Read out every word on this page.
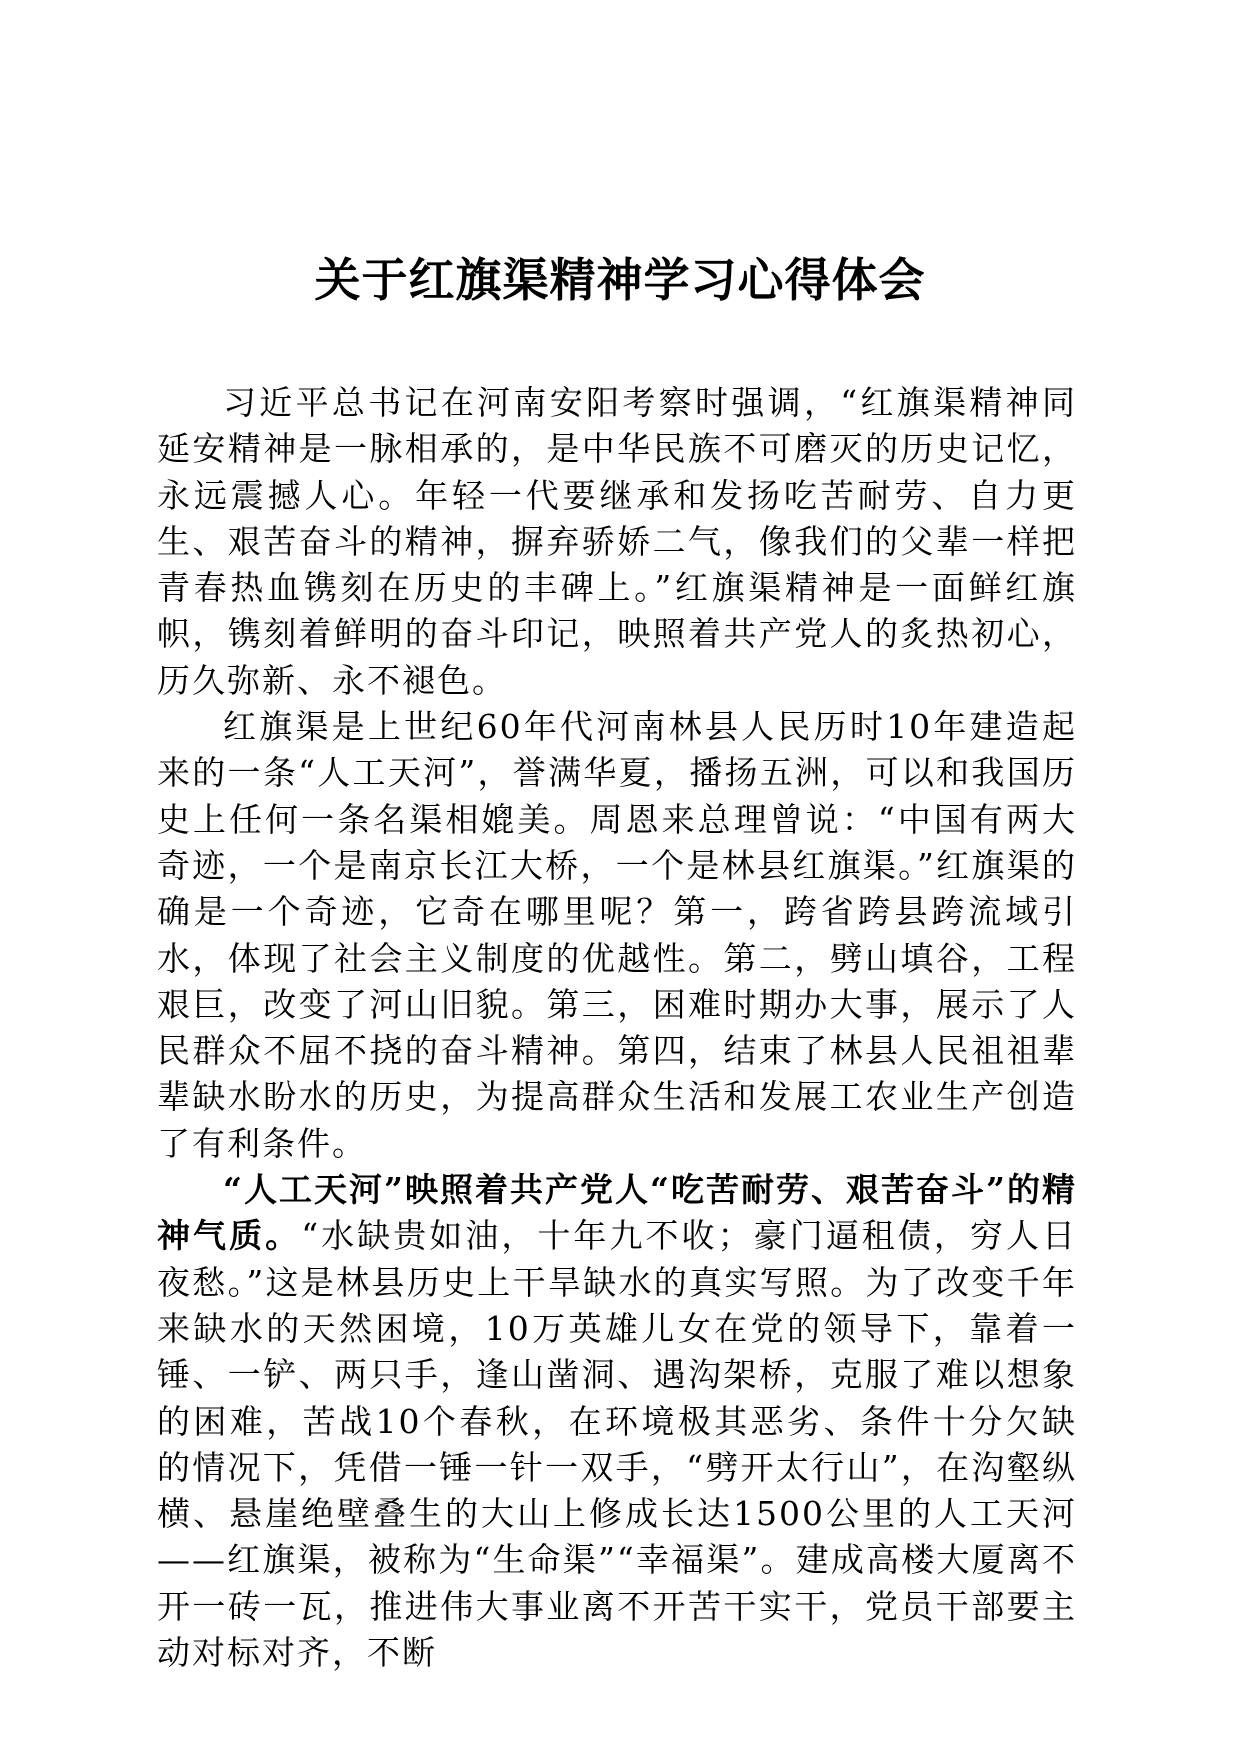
关于红旗渠精神学习心得体会

习近平总书记在河南安阳考察时强调，“红旗渠精神同延安精神是一脉相承的，是中华民族不可磨灭的历史记忆，永远震撼人心。年轻一代要继承和发扬吃苦耐劳、自力更生、艰苦奋斗的精神，摒弃骄娇二气，像我们的父辈一样把青春热血镌刻在历史的丰碑上。”红旗渠精神是一面鲜红旗帜，镌刻着鲜明的奋斗印记，映照着共产党人的炙热初心，历久弥新、永不褪色。

红旗渠是上世纪60年代河南林县人民历时10年建造起来的一条“人工天河”，誉满华夏，播扬五洲，可以和我国历史上任何一条名渠相媲美。周恩来总理曾说：“中国有两大奇迹，一个是南京长江大桥，一个是林县红旗渠。”红旗渠的确是一个奇迹，它奇在哪里呢？第一，跨省跨县跨流域引水，体现了社会主义制度的优越性。第二，劈山填谷，工程艰巨，改变了河山旧貌。第三，困难时期办大事，展示了人民群众不屈不挠的奋斗精神。第四，结束了林县人民祖祖辈辈缺水盼水的历史，为提高群众生活和发展工农业生产创造了有利条件。

“人工天河”映照着共产党人“吃苦耐劳、艰苦奋斗”的精神气质。“水缺贵如油，十年九不收；豪门逼租债，穷人日夜愁。”这是林县历史上干旱缺水的真实写照。为了改变千年来缺水的天然困境，10万英雄儿女在党的领导下，靠着一锤、一铲、两只手，逢山凿洞、遇沟架桥，克服了难以想象的困难，苦战10个春秋，在环境极其恶劣、条件十分欠缺的情况下，凭借一锤一针一双手，“劈开太行山”，在沟壑纵横、悬崖绝壁叠生的大山上修成长达1500公里的人工天河——红旗渠，被称为“生命渠”“幸福渠”。建成高楼大厦离不开一砖一瓦，推进伟大事业离不开苦干实干，党员干部要主动对标对齐，不断
